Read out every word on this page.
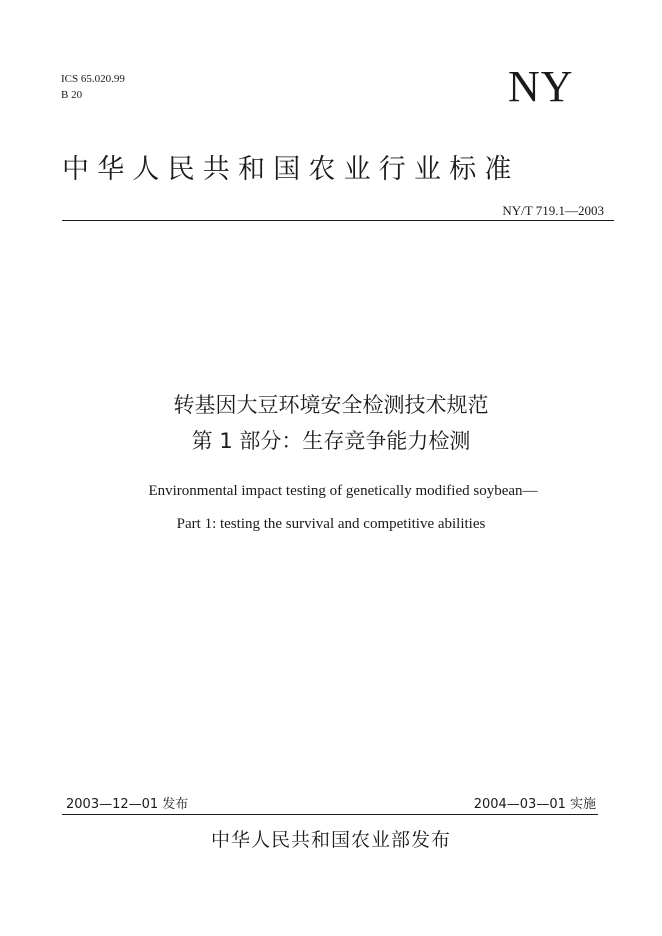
ICS 65.020.99
B 20	NY
中华人民共和国农业行业标准
NY/T 719.1—2003
转基因大豆环境安全检测技术规范
第 1 部分：生存竞争能力检测
Environmental impact testing of genetically modified soybean—
Part 1: testing the survival and competitive abilities
2003—12—01 发布	2004—03—01 实施
中华人民共和国农业部发布
